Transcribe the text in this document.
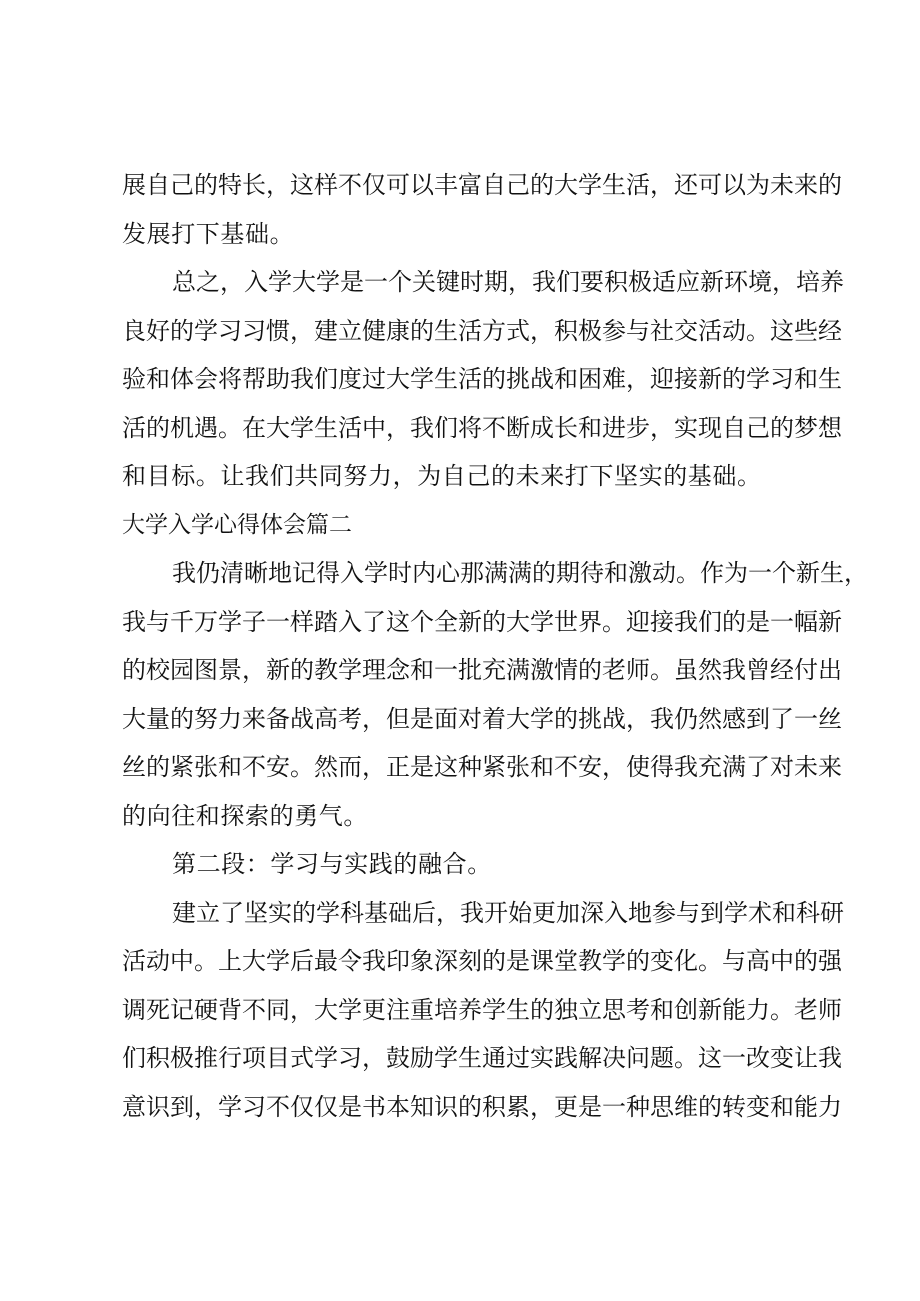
展自己的特长，这样不仅可以丰富自己的大学生活，还可以为未来的
发展打下基础。
总之，入学大学是一个关键时期，我们要积极适应新环境，培养
良好的学习习惯，建立健康的生活方式，积极参与社交活动。这些经
验和体会将帮助我们度过大学生活的挑战和困难，迎接新的学习和生
活的机遇。在大学生活中，我们将不断成长和进步，实现自己的梦想
和目标。让我们共同努力，为自己的未来打下坚实的基础。
大学入学心得体会篇二
我仍清晰地记得入学时内心那满满的期待和激动。作为一个新生，
我与千万学子一样踏入了这个全新的大学世界。迎接我们的是一幅新
的校园图景，新的教学理念和一批充满激情的老师。虽然我曾经付出
大量的努力来备战高考，但是面对着大学的挑战，我仍然感到了一丝
丝的紧张和不安。然而，正是这种紧张和不安，使得我充满了对未来
的向往和探索的勇气。
第二段：学习与实践的融合。
建立了坚实的学科基础后，我开始更加深入地参与到学术和科研
活动中。上大学后最令我印象深刻的是课堂教学的变化。与高中的强
调死记硬背不同，大学更注重培养学生的独立思考和创新能力。老师
们积极推行项目式学习，鼓励学生通过实践解决问题。这一改变让我
意识到，学习不仅仅是书本知识的积累，更是一种思维的转变和能力
